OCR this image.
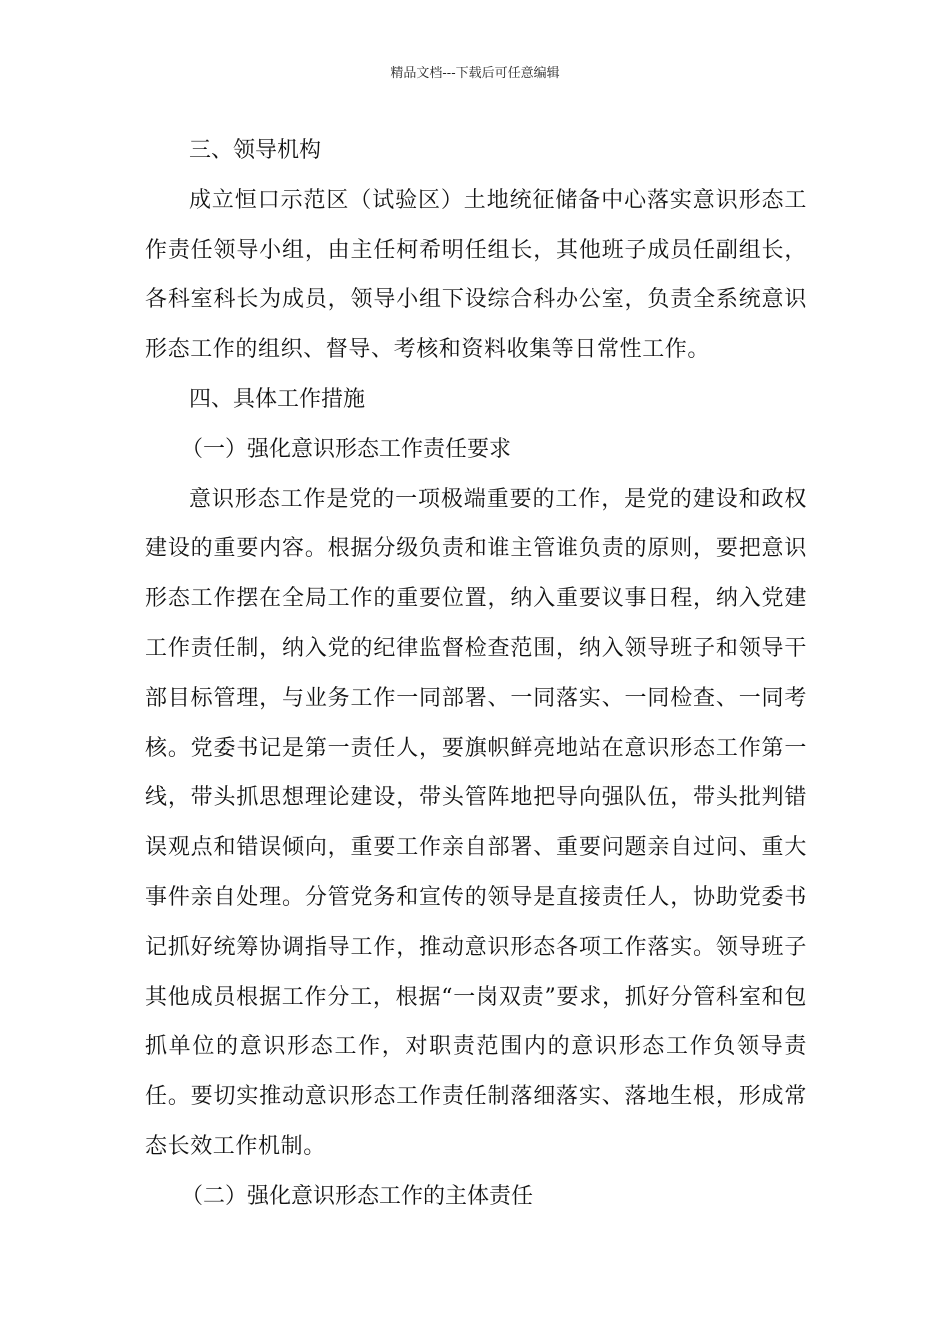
精品文档---下载后可任意编辑

三、领导机构

成立恒口示范区（试验区）土地统征储备中心落实意识形态工作责任领导小组，由主任柯希明任组长，其他班子成员任副组长，各科室科长为成员，领导小组下设综合科办公室，负责全系统意识形态工作的组织、督导、考核和资料收集等日常性工作。

四、具体工作措施

（一）强化意识形态工作责任要求

意识形态工作是党的一项极端重要的工作，是党的建设和政权建设的重要内容。根据分级负责和谁主管谁负责的原则，要把意识形态工作摆在全局工作的重要位置，纳入重要议事日程，纳入党建工作责任制，纳入党的纪律监督检查范围，纳入领导班子和领导干部目标管理，与业务工作一同部署、一同落实、一同检查、一同考核。党委书记是第一责任人，要旗帜鲜亮地站在意识形态工作第一线，带头抓思想理论建设，带头管阵地把导向强队伍，带头批判错误观点和错误倾向，重要工作亲自部署、重要问题亲自过问、重大事件亲自处理。分管党务和宣传的领导是直接责任人，协助党委书记抓好统筹协调指导工作，推动意识形态各项工作落实。领导班子其他成员根据工作分工，根据“一岗双责”要求，抓好分管科室和包抓单位的意识形态工作，对职责范围内的意识形态工作负领导责任。要切实推动意识形态工作责任制落细落实、落地生根，形成常态长效工作机制。

（二）强化意识形态工作的主体责任
